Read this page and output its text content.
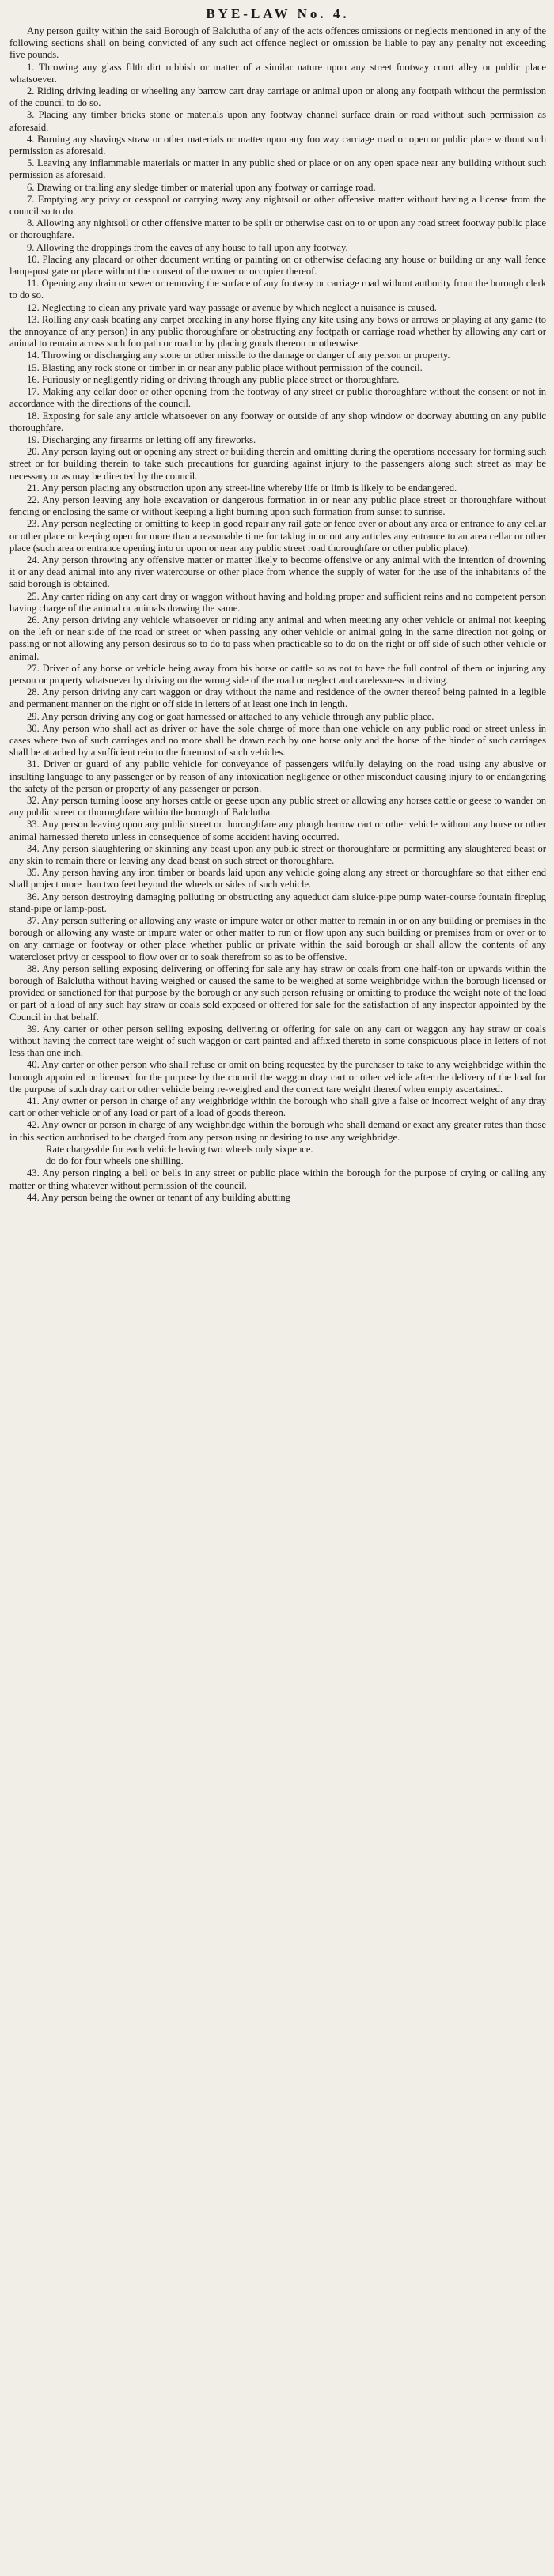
BYE-LAW No. 4.

Any person guilty within the said Borough of Balclutha of any of the acts offences omissions or neglects mentioned in any of the following sections shall on being convicted of any such act offence neglect or omission be liable to pay any penalty not exceeding five pounds.

1. Throwing any glass filth dirt rubbish or matter of a similar nature upon any street footway court alley or public place whatsoever.

2. Riding driving leading or wheeling any barrow cart dray carriage or animal upon or along any footpath without the permission of the council to do so.

3. Placing any timber bricks stone or materials upon any footway channel surface drain or road without such permission as aforesaid.

4. Burning any shavings straw or other materials or matter upon any footway carriage road or open or public place without such permission as aforesaid.

5. Leaving any inflammable materials or matter in any public shed or place or on any open space near any building without such permission as aforesaid.

6. Drawing or trailing any sledge timber or material upon any footway or carriage road.

7. Emptying any privy or cesspool or carrying away any nightsoil or other offensive matter without having a license from the council so to do.

8. Allowing any nightsoil or other offensive matter to be spilt or otherwise cast on to or upon any road street footway public place or thoroughfare.

9. Allowing the droppings from the eaves of any house to fall upon any footway.

10. Placing any placard or other document writing or painting on or otherwise defacing any house or building or any wall fence lamp-post gate or place without the consent of the owner or occupier thereof.

11. Opening any drain or sewer or removing the surface of any footway or carriage road without authority from the borough clerk to do so.

12. Neglecting to clean any private yard way passage or avenue by which neglect a nuisance is caused.

13. Rolling any cask beating any carpet breaking in any horse flying any kite using any bows or arrows or playing at any game (to the annoyance of any person) in any public thoroughfare or obstructing any footpath or carriage road whether by allowing any cart or animal to remain across such footpath or road or by placing goods thereon or otherwise.

14. Throwing or discharging any stone or other missile to the damage or danger of any person or property.

15. Blasting any rock stone or timber in or near any public place without permission of the council.

16. Furiously or negligently riding or driving through any public place street or thoroughfare.

17. Making any cellar door or other opening from the footway of any street or public thoroughfare without the consent or not in accordance with the directions of the council.

18. Exposing for sale any article whatsoever on any footway or outside of any shop window or doorway abutting on any public thoroughfare.

19. Discharging any firearms or letting off any fireworks.

20. Any person laying out or opening any street or building therein and omitting during the operations necessary for forming such street or for building therein to take such precautions for guarding against injury to the passengers along such street as may be necessary or as may be directed by the council.

21. Any person placing any obstruction upon any street-line whereby life or limb is likely to be endangered.

22. Any person leaving any hole excavation or dangerous formation in or near any public place street or thoroughfare without fencing or enclosing the same or without keeping a light burning upon such formation from sunset to sunrise.

23. Any person neglecting or omitting to keep in good repair any rail gate or fence over or about any area or entrance to any cellar or other place or keeping open for more than a reasonable time for taking in or out any articles any entrance to an area cellar or other place (such area or entrance opening into or upon or near any public street road thoroughfare or other public place).

24. Any person throwing any offensive matter or matter likely to become offensive or any animal with the intention of drowning it or any dead animal into any river watercourse or other place from whence the supply of water for the use of the inhabitants of the said borough is obtained.

25. Any carter riding on any cart dray or waggon without having and holding proper and sufficient reins and no competent person having charge of the animal or animals drawing the same.

26. Any person driving any vehicle whatsoever or riding any animal and when meeting any other vehicle or animal not keeping on the left or near side of the road or street or when passing any other vehicle or animal going in the same direction not going or passing or not allowing any person desirous so to do to pass when practicable so to do on the right or off side of such other vehicle or animal.

27. Driver of any horse or vehicle being away from his horse or cattle so as not to have the full control of them or injuring any person or property whatsoever by driving on the wrong side of the road or neglect and carelessness in driving.

28. Any person driving any cart waggon or dray without the name and residence of the owner thereof being painted in a legible and permanent manner on the right or off side in letters of at least one inch in length.

29. Any person driving any dog or goat harnessed or attached to any vehicle through any public place.

30. Any person who shall act as driver or have the sole charge of more than one vehicle on any public road or street unless in cases where two of such carriages and no more shall be drawn each by one horse only and the horse of the hinder of such carriages shall be attached by a sufficient rein to the foremost of such vehicles.

31. Driver or guard of any public vehicle for conveyance of passengers wilfully delaying on the road using any abusive or insulting language to any passenger or by reason of any intoxication negligence or other misconduct causing injury to or endangering the safety of the person or property of any passenger or person.

32. Any person turning loose any horses cattle or geese upon any public street or allowing any horses cattle or geese to wander on any public street or thoroughfare within the borough of Balclutha.

33. Any person leaving upon any public street or thoroughfare any plough harrow cart or other vehicle without any horse or other animal harnessed thereto unless in consequence of some accident having occurred.

34. Any person slaughtering or skinning any beast upon any public street or thoroughfare or permitting any slaughtered beast or any skin to remain there or leaving any dead beast on such street or thoroughfare.

35. Any person having any iron timber or boards laid upon any vehicle going along any street or thoroughfare so that either end shall project more than two feet beyond the wheels or sides of such vehicle.

36. Any person destroying damaging polluting or obstructing any aqueduct dam sluice-pipe pump water-course fountain fireplug stand-pipe or lamp-post.

37. Any person suffering or allowing any waste or impure water or other matter to remain in or on any building or premises in the borough or allowing any waste or impure water or other matter to run or flow upon any such building or premises from or over or to on any carriage or footway or other place whether public or private within the said borough or shall allow the contents of any watercloset privy or cesspool to flow over or to soak therefrom so as to be offensive.

38. Any person selling exposing delivering or offering for sale any hay straw or coals from one half-ton or upwards within the borough of Balclutha without having weighed or caused the same to be weighed at some weighbridge within the borough licensed or provided or sanctioned for that purpose by the borough or any such person refusing or omitting to produce the weight note of the load or part of a load of any such hay straw or coals sold exposed or offered for sale for the satisfaction of any inspector appointed by the Council in that behalf.

39. Any carter or other person selling exposing delivering or offering for sale on any cart or waggon any hay straw or coals without having the correct tare weight of such waggon or cart painted and affixed thereto in some conspicuous place in letters of not less than one inch.

40. Any carter or other person who shall refuse or omit on being requested by the purchaser to take to any weighbridge within the borough appointed or licensed for the purpose by the council the waggon dray cart or other vehicle after the delivery of the load for the purpose of such dray cart or other vehicle being re-weighed and the correct tare weight thereof when empty ascertained.

41. Any owner or person in charge of any weighbridge within the borough who shall give a false or incorrect weight of any dray cart or other vehicle or of any load or part of a load of goods thereon.

42. Any owner or person in charge of any weighbridge within the borough who shall demand or exact any greater rates than those in this section authorised to be charged from any person using or desiring to use any weighbridge.

Rate chargeable for each vehicle having two wheels only sixpence.

do do for four wheels one shilling.

43. Any person ringing a bell or bells in any street or public place within the borough for the purpose of crying or calling any matter or thing whatever without permission of the council.

44. Any person being the owner or tenant of any building abutting
